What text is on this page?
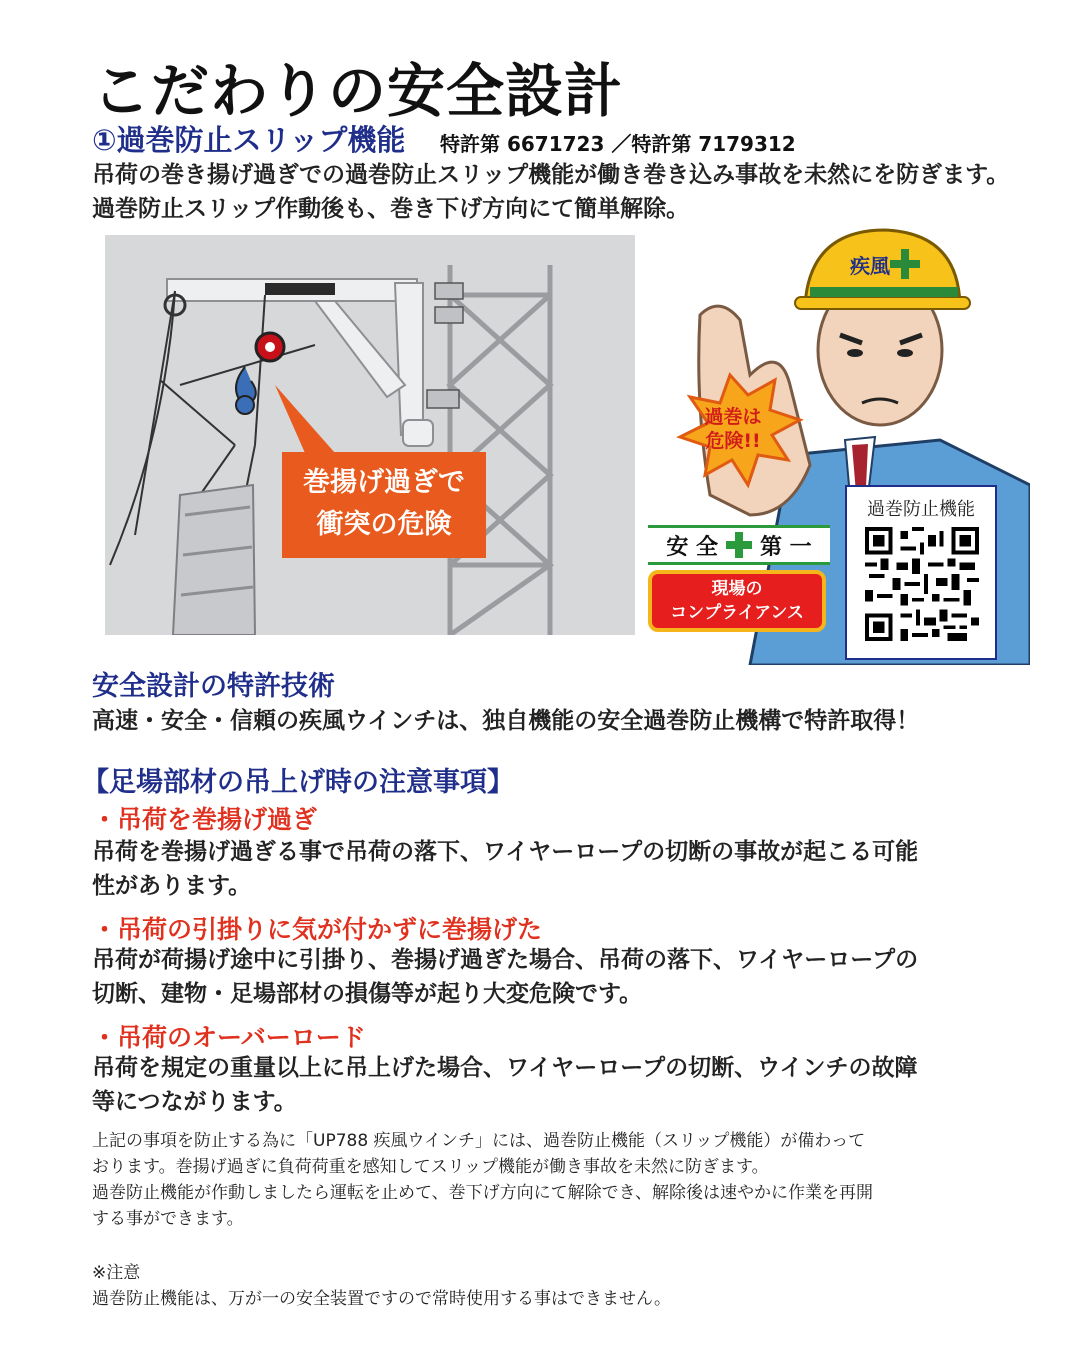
こだわりの安全設計
①過巻防止スリップ機能 特許第 6671723 ／特許第 7179312
吊荷の巻き揚げ過ぎでの過巻防止スリップ機能が働き巻き込み事故を未然にを防ぎます。
過巻防止スリップ作動後も、巻き下げ方向にて簡単解除。
巻揚げ過ぎで
衝突の危険
疾風
過巻は
危険!!
安 全 第 一
現場の
コンプライアンス
過巻防止機能
安全設計の特許技術
高速・安全・信頼の疾風ウインチは、独自機能の安全過巻防止機構で特許取得！
【足場部材の吊上げ時の注意事項】
・吊荷を巻揚げ過ぎ
吊荷を巻揚げ過ぎる事で吊荷の落下、ワイヤーロープの切断の事故が起こる可能
性があります。
・吊荷の引掛りに気が付かずに巻揚げた
吊荷が荷揚げ途中に引掛り、巻揚げ過ぎた場合、吊荷の落下、ワイヤーロープの
切断、建物・足場部材の損傷等が起り大変危険です。
・吊荷のオーバーロード
吊荷を規定の重量以上に吊上げた場合、ワイヤーロープの切断、ウインチの故障
等につながります。
上記の事項を防止する為に「UP788 疾風ウインチ」には、過巻防止機能（スリップ機能）が備わって
おります。巻揚げ過ぎに負荷荷重を感知してスリップ機能が働き事故を未然に防ぎます。
過巻防止機能が作動しましたら運転を止めて、巻下げ方向にて解除でき、解除後は速やかに作業を再開
する事ができます。
※注意
過巻防止機能は、万が一の安全装置ですので常時使用する事はできません。
